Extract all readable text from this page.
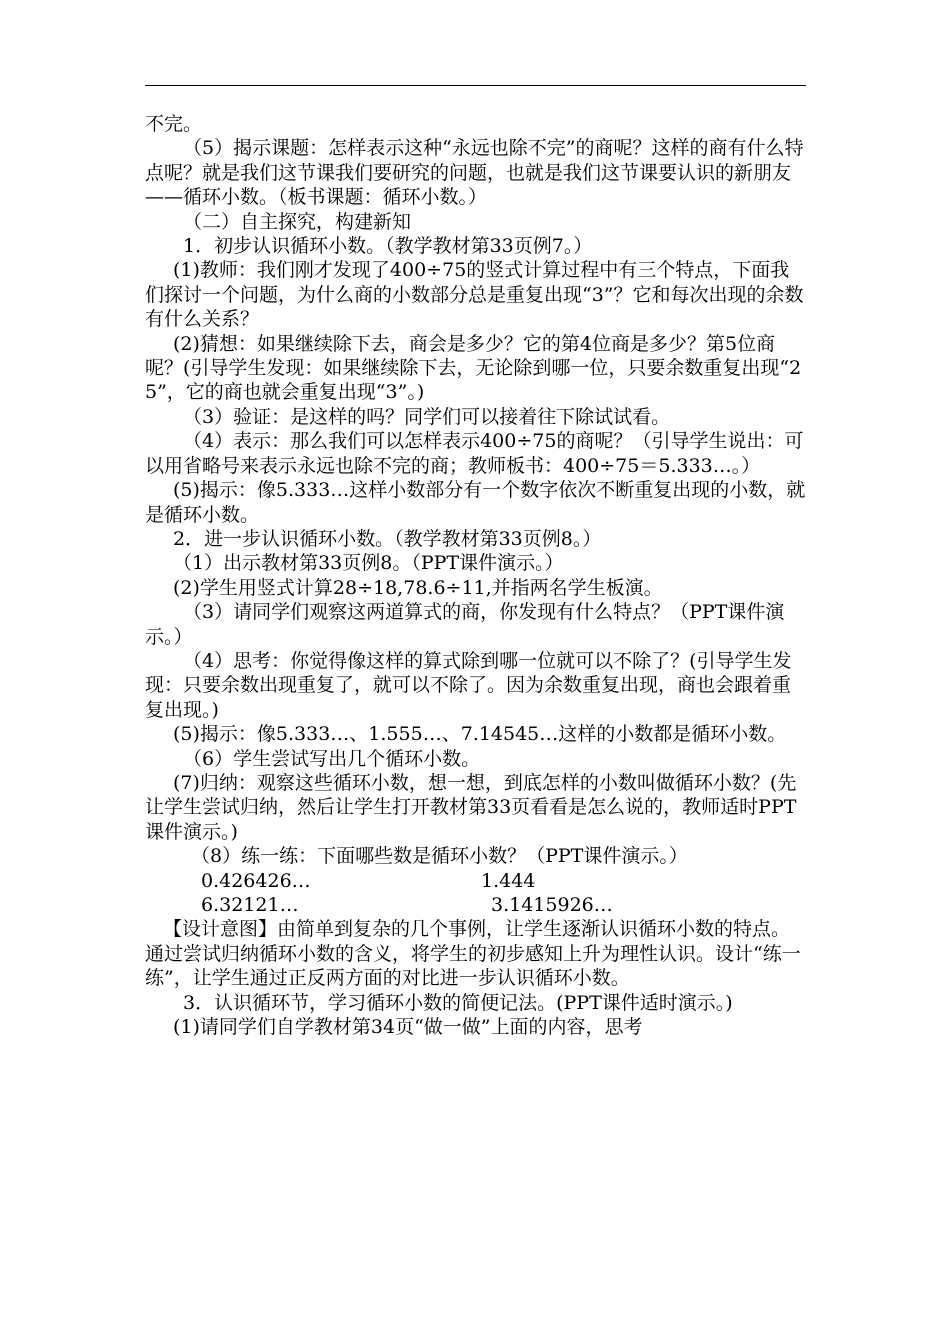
不完。

（5）揭示课题：怎样表示这种“永远也除不完”的商呢？这样的商有什么特点呢？就是我们这节课我们要研究的问题，也就是我们这节课要认识的新朋友——循环小数。（板书课题：循环小数。）

（二）自主探究，构建新知

1．初步认识循环小数。（教学教材第33页例7。）

(1)教师：我们刚才发现了400÷75的竖式计算过程中有三个特点，下面我们探讨一个问题，为什么商的小数部分总是重复出现“3”？它和每次出现的余数有什么关系？

(2)猜想：如果继续除下去，商会是多少？它的第4位商是多少？第5位商呢？(引导学生发现：如果继续除下去，无论除到哪一位，只要余数重复出现“25”，它的商也就会重复出现“3”。)

（3）验证：是这样的吗？同学们可以接着往下除试试看。

（4）表示：那么我们可以怎样表示400÷75的商呢？（引导学生说出：可以用省略号来表示永远也除不完的商；教师板书：400÷75＝5.333…。）

(5)揭示：像5.333…这样小数部分有一个数字依次不断重复出现的小数，就是循环小数。

2．进一步认识循环小数。（教学教材第33页例8。）

（1）出示教材第33页例8。（PPT课件演示。）

(2)学生用竖式计算28÷18,78.6÷11,并指两名学生板演。

（3）请同学们观察这两道算式的商，你发现有什么特点？（PPT课件演示。）

（4）思考：你觉得像这样的算式除到哪一位就可以不除了？(引导学生发现：只要余数出现重复了，就可以不除了。因为余数重复出现，商也会跟着重复出现。)

(5)揭示：像5.333…、1.555…、7.14545…这样的小数都是循环小数。

（6）学生尝试写出几个循环小数。

(7)归纳：观察这些循环小数，想一想，到底怎样的小数叫做循环小数？(先让学生尝试归纳，然后让学生打开教材第33页看看是怎么说的，教师适时PPT课件演示。)

（8）练一练：下面哪些数是循环小数？（PPT课件演示。）

0.426426…	1.444
6.32121…	3.1415926…

【设计意图】由简单到复杂的几个事例，让学生逐渐认识循环小数的特点。通过尝试归纳循环小数的含义，将学生的初步感知上升为理性认识。设计“练一练”，让学生通过正反两方面的对比进一步认识循环小数。

3．认识循环节，学习循环小数的简便记法。(PPT课件适时演示。)

(1)请同学们自学教材第34页“做一做”上面的内容，思考
